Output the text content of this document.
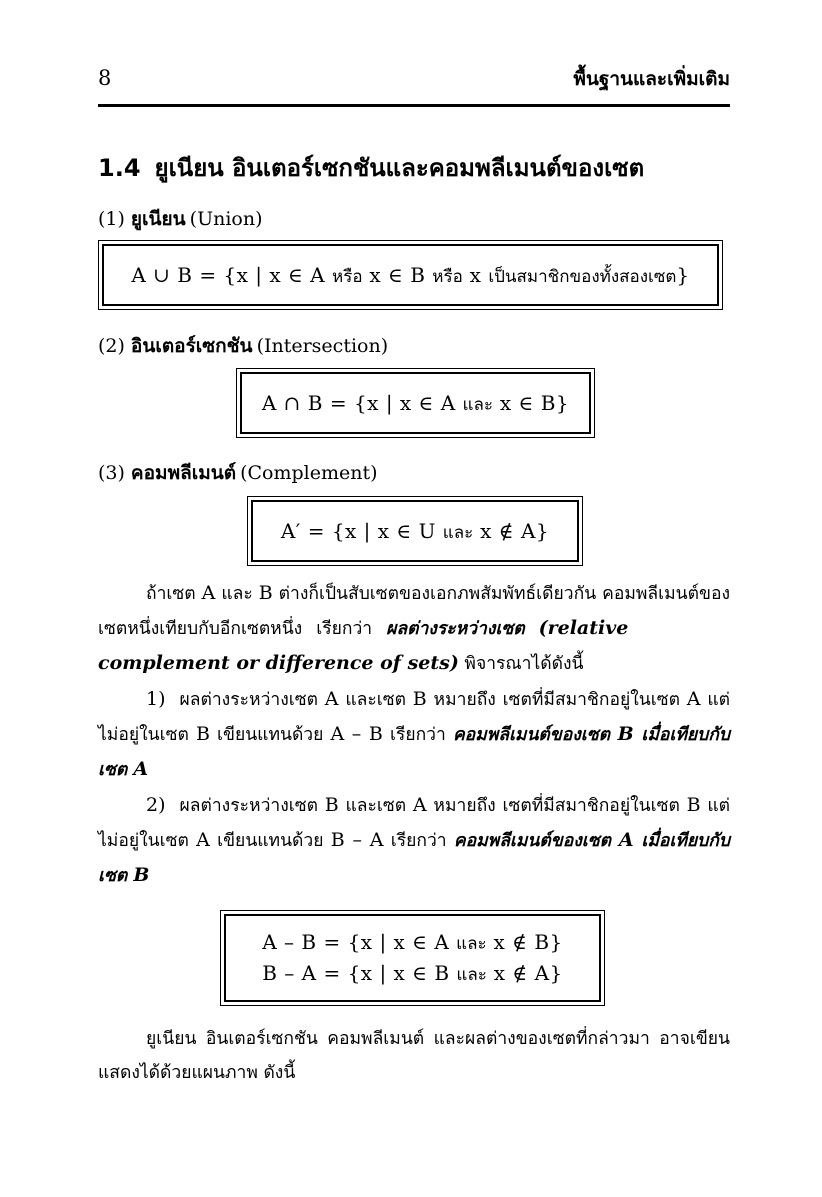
8	พื้นฐานและเพิ่มเติม
1.4 ยูเนียน อินเตอร์เซกชันและคอมพลีเมนต์ของเซต
(1) ยูเนียน (Union)
A ∪ B = {x | x ∈ A หรือ x ∈ B หรือ x เป็นสมาชิกของทั้งสองเซต}
(2) อินเตอร์เซกชัน (Intersection)
A ∩ B = {x | x ∈ A และ x ∈ B}
(3) คอมพลีเมนต์ (Complement)
A′ = {x | x ∈ U และ x ∉ A}
ถ้าเซต A และ B ต่างก็เป็นสับเซตของเอกภพสัมพัทธ์เดียวกัน คอมพลีเมนต์ของเซตหนึ่งเทียบกับอีกเซตหนึ่ง เรียกว่า ผลต่างระหว่างเซต (relative complement or difference of sets) พิจารณาได้ดังนี้
1) ผลต่างระหว่างเซต A และเซต B หมายถึง เซตที่มีสมาชิกอยู่ในเซต A แต่ไม่อยู่ในเซต B เขียนแทนด้วย A – B เรียกว่า คอมพลีเมนต์ของเซต B เมื่อเทียบกับเซต A
2) ผลต่างระหว่างเซต B และเซต A หมายถึง เซตที่มีสมาชิกอยู่ในเซต B แต่ไม่อยู่ในเซต A เขียนแทนด้วย B – A เรียกว่า คอมพลีเมนต์ของเซต A เมื่อเทียบกับเซต B
A – B = {x | x ∈ A และ x ∉ B}
B – A = {x | x ∈ B และ x ∉ A}
ยูเนียน อินเตอร์เซกชัน คอมพลีเมนต์ และผลต่างของเซตที่กล่าวมา อาจเขียนแสดงได้ด้วยแผนภาพ ดังนี้
